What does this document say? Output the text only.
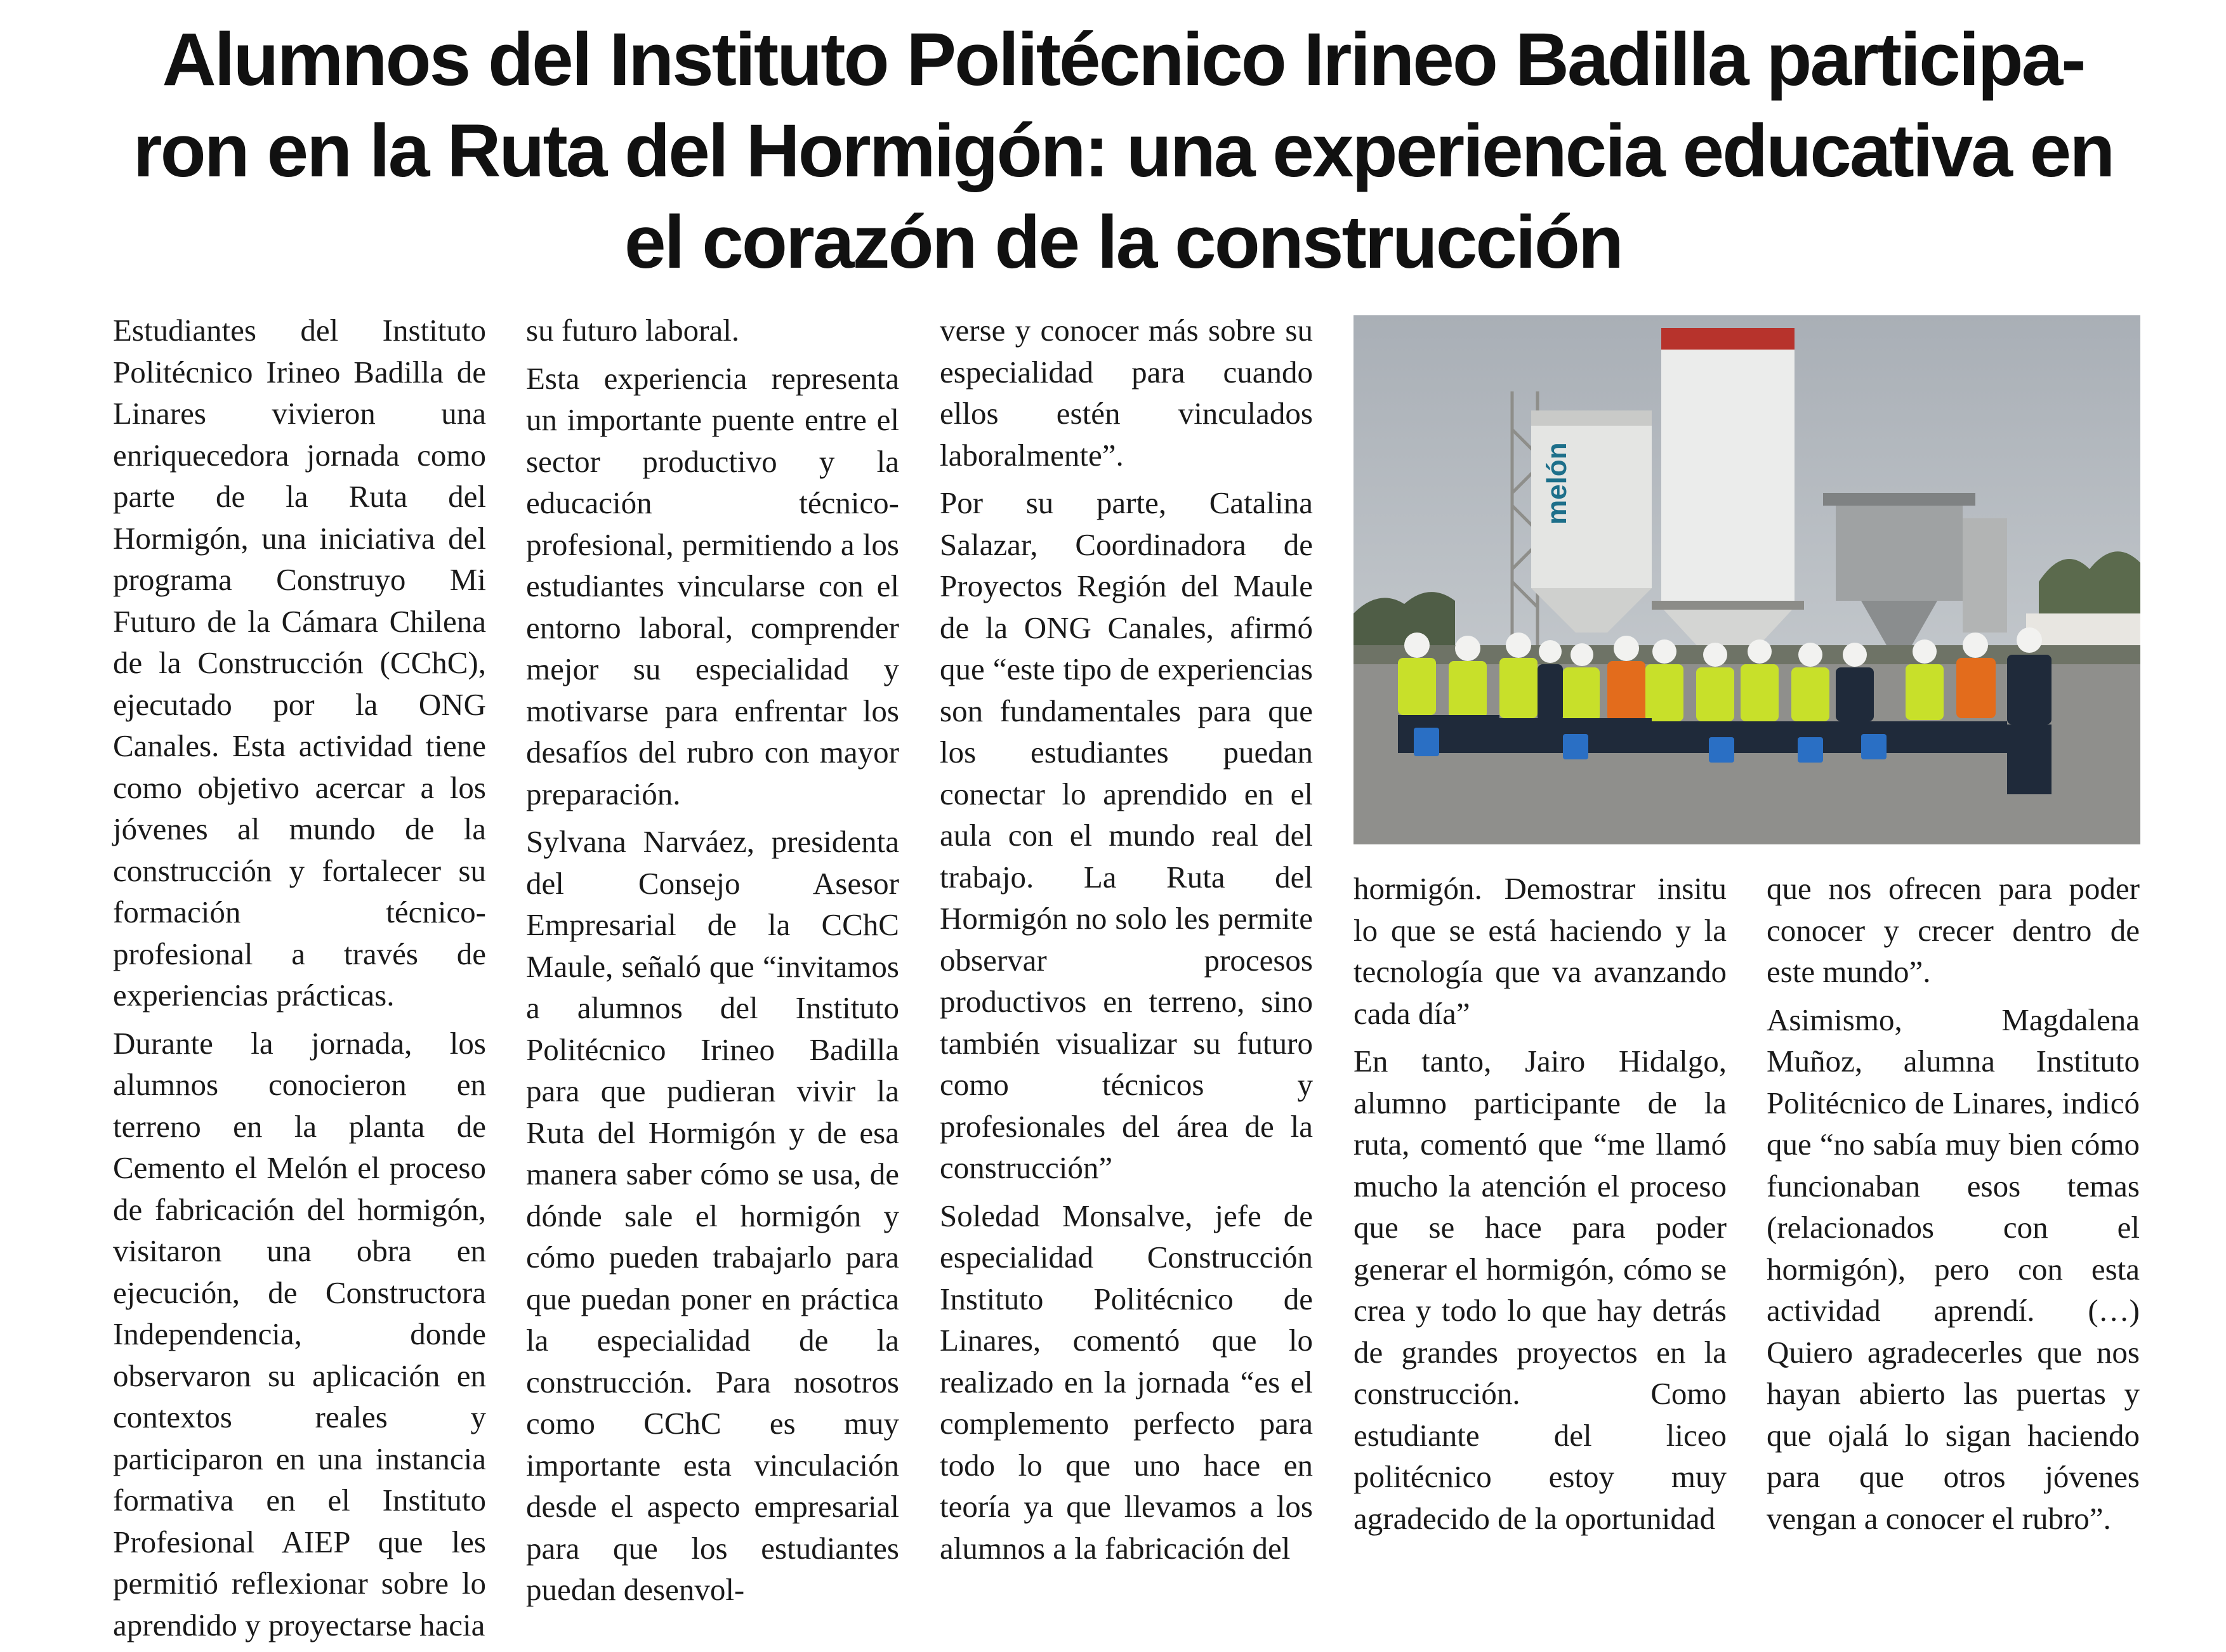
Alumnos del Instituto Politécnico Irineo Badilla participa-
ron en la Ruta del Hormigón: una experiencia educativa en
el corazón de la construcción

Estudiantes del Instituto Politécnico Irineo Badilla de Linares vivieron una enriquecedora jornada como parte de la Ruta del Hormigón, una iniciativa del programa Construyo Mi Futuro de la Cámara Chilena de la Construcción (CChC), ejecutado por la ONG Canales. Esta actividad tiene como objetivo acercar a los jóvenes al mundo de la construcción y fortalecer su formación técnico-profesional a través de experiencias prácticas.

Durante la jornada, los alumnos conocieron en terreno en la planta de Cemento el Melón el proceso de fabricación del hormigón, visitaron una obra en ejecución, de Constructora Independencia, donde observaron su aplicación en contextos reales y participaron en una instancia formativa en el Instituto Profesional AIEP que les permitió reflexionar sobre lo aprendido y proyectarse hacia

su futuro laboral.

Esta experiencia representa un importante puente entre el sector productivo y la educación técnico-profesional, permitiendo a los estudiantes vincularse con el entorno laboral, comprender mejor su especialidad y motivarse para enfrentar los desafíos del rubro con mayor preparación.

Sylvana Narváez, presidenta del Consejo Asesor Empresarial de la CChC Maule, señaló que “invitamos a alumnos del Instituto Politécnico Irineo Badilla para que pudieran vivir la Ruta del Hormigón y de esa manera saber cómo se usa, de dónde sale el hormigón y cómo pueden trabajarlo para que puedan poner en práctica la especialidad de la construcción. Para nosotros como CChC es muy importante esta vinculación desde el aspecto empresarial para que los estudiantes puedan desenvol-

verse y conocer más sobre su especialidad para cuando ellos estén vinculados laboralmente”.

Por su parte, Catalina Salazar, Coordinadora de Proyectos Región del Maule de la ONG Canales, afirmó que “este tipo de experiencias son fundamentales para que los estudiantes puedan conectar lo aprendido en el aula con el mundo real del trabajo. La Ruta del Hormigón no solo les permite observar procesos productivos en terreno, sino también visualizar su futuro como técnicos y profesionales del área de la construcción”

Soledad Monsalve, jefe de especialidad Construcción Instituto Politécnico de Linares, comentó que lo realizado en la jornada “es el complemento perfecto para todo lo que uno hace en teoría ya que llevamos a los alumnos a la fabricación del

melón

hormigón. Demostrar insitu lo que se está haciendo y la tecnología que va avanzando cada día”

En tanto, Jairo Hidalgo, alumno participante de la ruta, comentó que “me llamó mucho la atención el proceso que se hace para poder generar el hormigón, cómo se crea y todo lo que hay detrás de grandes proyectos en la construcción. Como estudiante del liceo politécnico estoy muy agradecido de la oportunidad

que nos ofrecen para poder conocer y crecer dentro de este mundo”.

Asimismo, Magdalena Muñoz, alumna Instituto Politécnico de Linares, indicó que “no sabía muy bien cómo funcionaban esos temas (relacionados con el hormigón), pero con esta actividad aprendí. (…) Quiero agradecerles que nos hayan abierto las puertas y que ojalá lo sigan haciendo para que otros jóvenes vengan a conocer el rubro”.
